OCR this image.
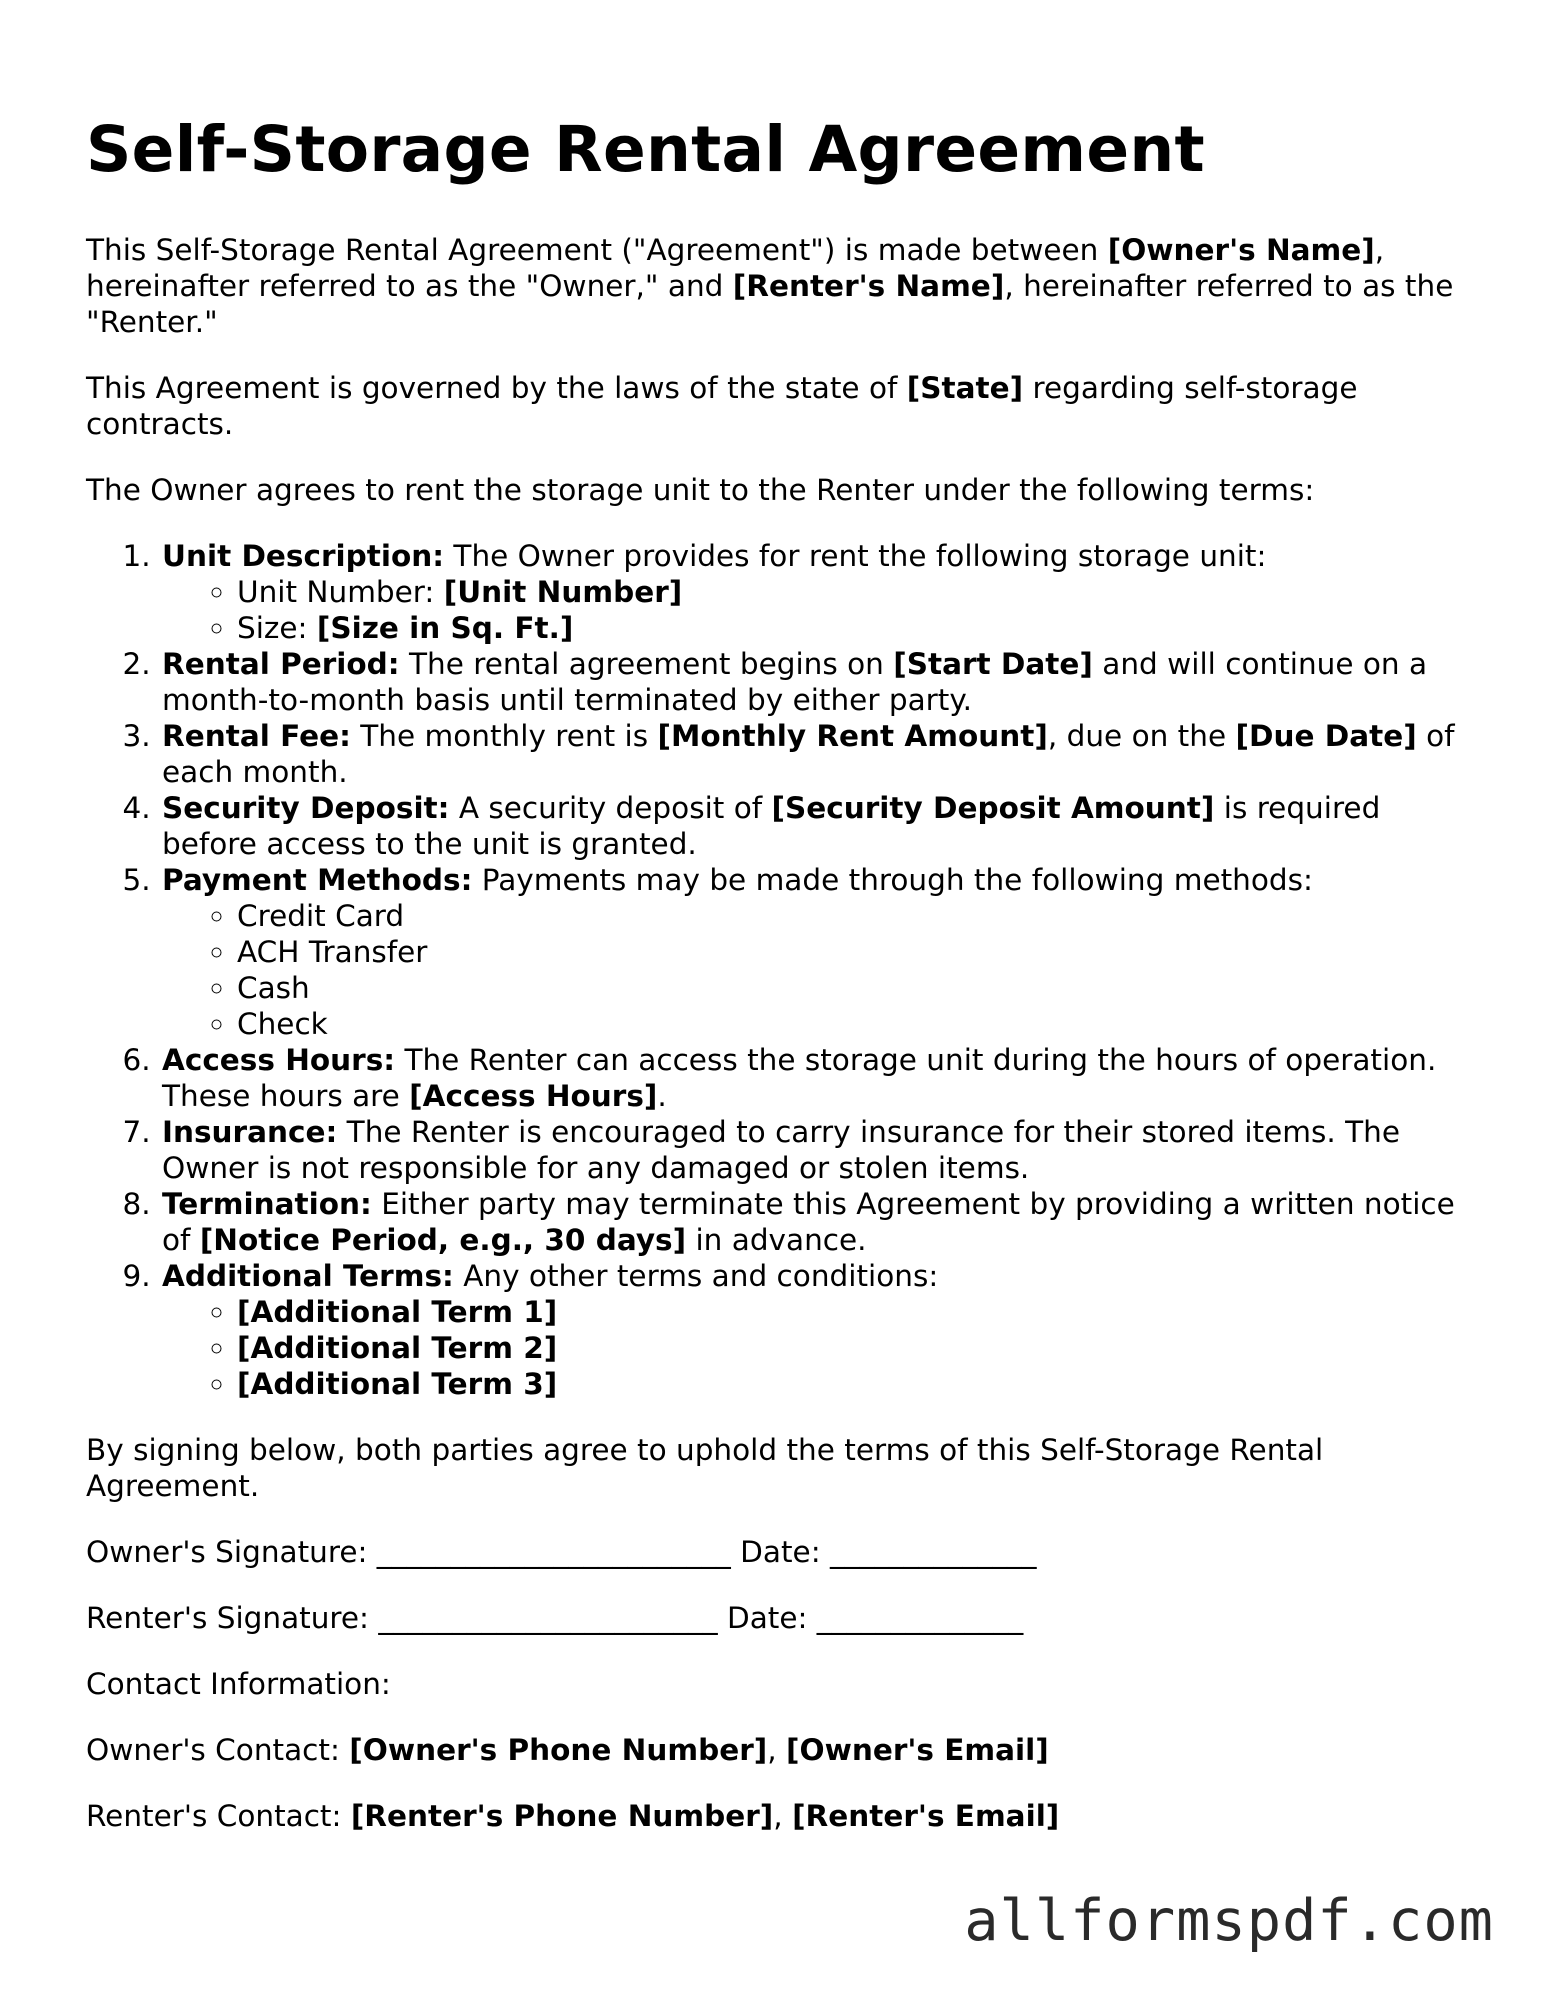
Self-Storage Rental Agreement

This Self-Storage Rental Agreement ("Agreement") is made between [Owner's Name], hereinafter referred to as the "Owner," and [Renter's Name], hereinafter referred to as the "Renter."

This Agreement is governed by the laws of the state of [State] regarding self-storage contracts.

The Owner agrees to rent the storage unit to the Renter under the following terms:

1. Unit Description: The Owner provides for rent the following storage unit:
◦ Unit Number: [Unit Number]
◦ Size: [Size in Sq. Ft.]
2. Rental Period: The rental agreement begins on [Start Date] and will continue on a month-to-month basis until terminated by either party.
3. Rental Fee: The monthly rent is [Monthly Rent Amount], due on the [Due Date] of each month.
4. Security Deposit: A security deposit of [Security Deposit Amount] is required before access to the unit is granted.
5. Payment Methods: Payments may be made through the following methods:
◦ Credit Card
◦ ACH Transfer
◦ Cash
◦ Check
6. Access Hours: The Renter can access the storage unit during the hours of operation. These hours are [Access Hours].
7. Insurance: The Renter is encouraged to carry insurance for their stored items. The Owner is not responsible for any damaged or stolen items.
8. Termination: Either party may terminate this Agreement by providing a written notice of [Notice Period, e.g., 30 days] in advance.
9. Additional Terms: Any other terms and conditions:
◦ [Additional Term 1]
◦ [Additional Term 2]
◦ [Additional Term 3]

By signing below, both parties agree to uphold the terms of this Self-Storage Rental Agreement.

Owner's Signature: ________________________ Date: ______________

Renter's Signature: _______________________ Date: ______________

Contact Information:

Owner's Contact: [Owner's Phone Number], [Owner's Email]

Renter's Contact: [Renter's Phone Number], [Renter's Email]

allformspdf.com
